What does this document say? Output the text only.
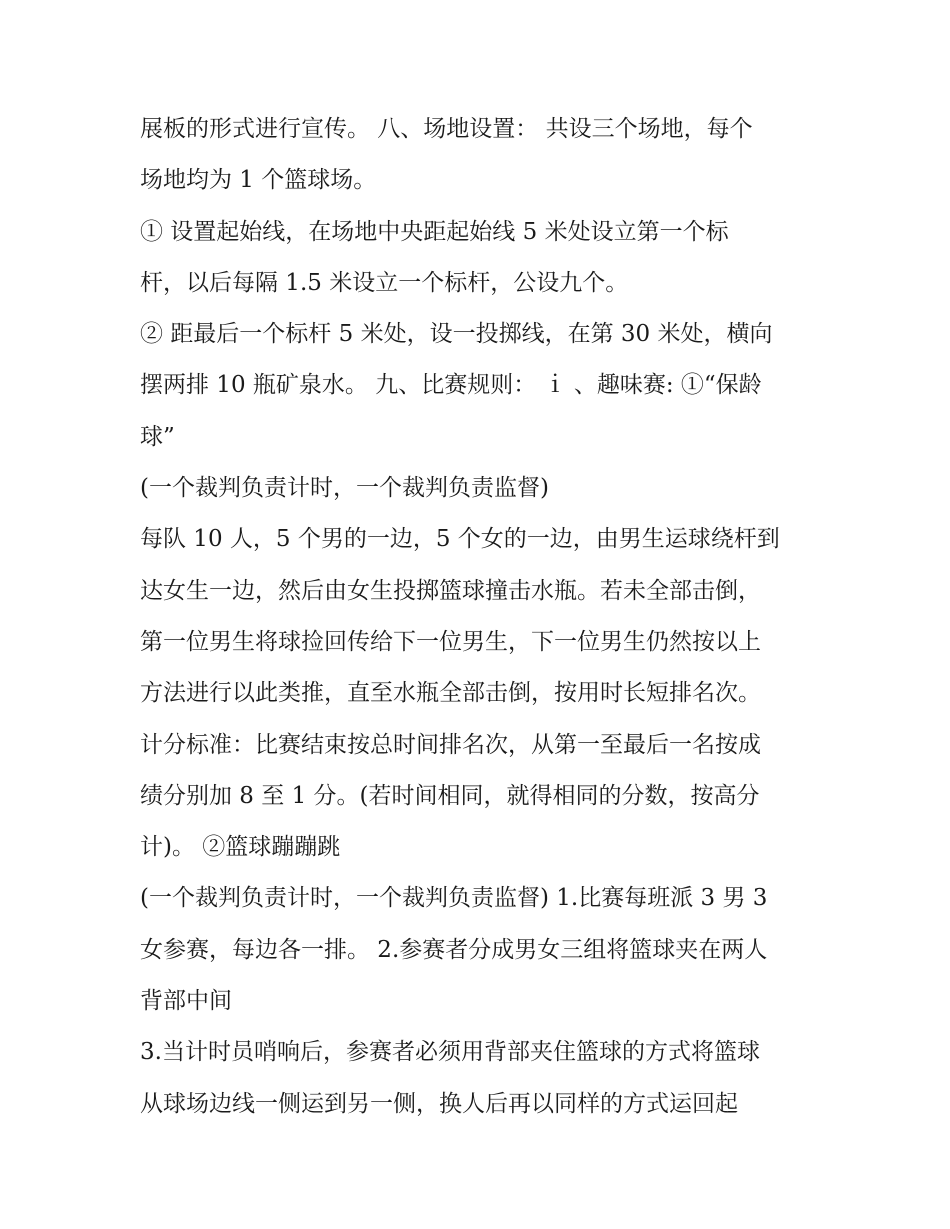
展板的形式进行宣传。 八、场地设置： 共设三个场地，每个
场地均为 1 个篮球场。
① 设置起始线，在场地中央距起始线 5 米处设立第一个标
杆，以后每隔 1.5 米设立一个标杆，公设九个。
② 距最后一个标杆 5 米处，设一投掷线，在第 30 米处，横向
摆两排 10 瓶矿泉水。 九、比赛规则： ｉ 、趣味赛: ①“保龄
球”
(一个裁判负责计时，一个裁判负责监督)
每队 10 人，5 个男的一边，5 个女的一边，由男生运球绕杆到
达女生一边，然后由女生投掷篮球撞击水瓶。若未全部击倒，
第一位男生将球捡回传给下一位男生，下一位男生仍然按以上
方法进行以此类推，直至水瓶全部击倒，按用时长短排名次。
计分标准：比赛结束按总时间排名次，从第一至最后一名按成
绩分别加 8 至 1 分。(若时间相同，就得相同的分数，按高分
计)。 ②篮球蹦蹦跳
(一个裁判负责计时，一个裁判负责监督) 1.比赛每班派 3 男 3
女参赛，每边各一排。 2.参赛者分成男女三组将篮球夹在两人
背部中间
3.当计时员哨响后，参赛者必须用背部夹住篮球的方式将篮球
从球场边线一侧运到另一侧，换人后再以同样的方式运回起
